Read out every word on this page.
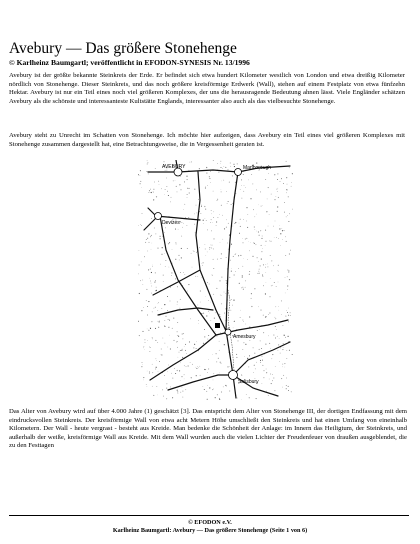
Avebury — Das größere Stonehenge
© Karlheinz Baumgartl; veröffentlicht in EFODON-SYNESIS Nr. 13/1996

Avebury ist der größte bekannte Steinkreis der Erde. Er befindet sich etwa hundert Kilometer westlich von London und etwa dreißig Kilometer nördlich von Stonehenge. Dieser Steinkreis, und das noch größere kreisförmige Erdwerk (Wall), stehen auf einem Festplatz von etwa fünfzehn Hektar. Avebury ist nur ein Teil eines noch viel größeren Komplexes, der uns die herausragende Bedeutung ahnen lässt. Viele Engländer schätzen Avebury als die schönste und interessanteste Kultstätte Englands, interessanter also auch als das vielbesuchte Stonehenge.

Avebury steht zu Unrecht im Schatten von Stonehenge. Ich möchte hier aufzeigen, dass Avebury ein Teil eines viel größeren Komplexes mit Stonehenge zusammen dargestellt hat, eine Betrachtungsweise, die in Vergessenheit geraten ist.

AVEBURY	Marlborough
Devizes
Amesbury
Salisbury

Das Alter von Avebury wird auf über 4.000 Jahre (1) geschätzt [3]. Das entspricht dem Alter von Stonehenge III, der dortigen Endfassung mit dem eindrucksvollen Steinkreis. Der kreisförmige Wall von etwa acht Metern Höhe umschließt den Steinkreis und hat einen Umfang von eineinhalb Kilometern. Der Wall - heute vergrast - besteht aus Kreide. Man bedenke die Schönheit der Anlage: im Innern das Heiligtum, der Steinkreis, und außerhalb der weiße, kreisförmige Wall aus Kreide. Mit dem Wall wurden auch die vielen Lichter der Freudenfeuer von draußen ausgeblendet, die zu den Festtagen

© EFODON e.V.
Karlheinz Baumgartl: Avebury — Das größere Stonehenge (Seite 1 von 6)
